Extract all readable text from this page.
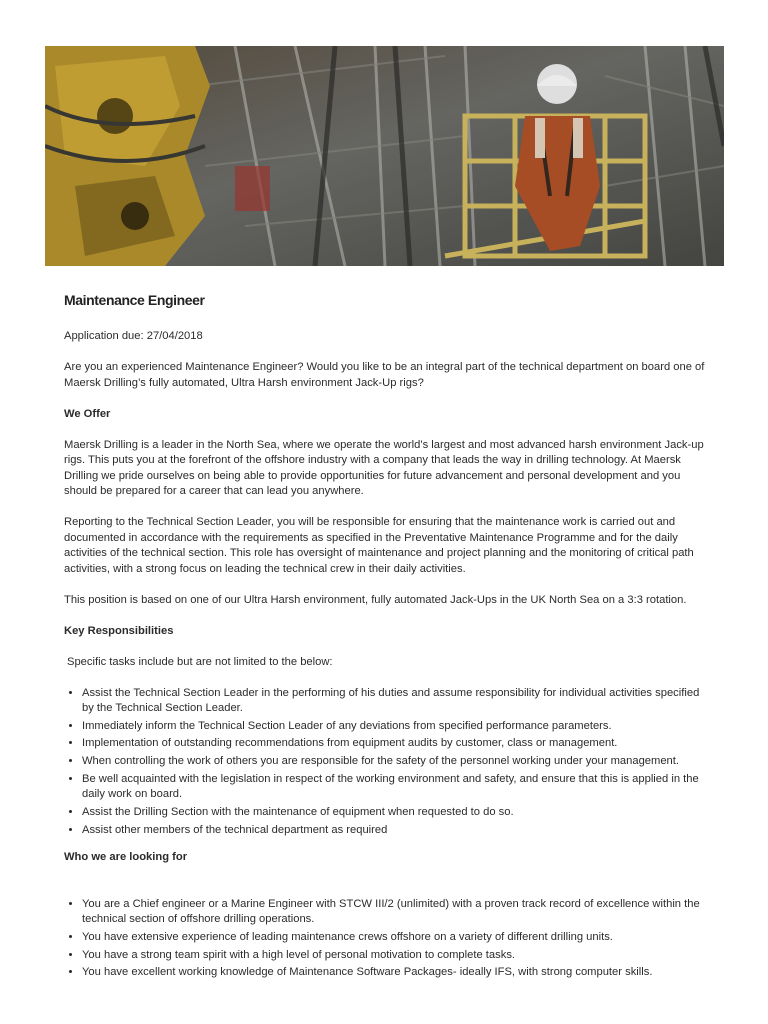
Maintenance Engineer

Application due: 27/04/2018

Are you an experienced Maintenance Engineer? Would you like to be an integral part of the technical department on board one of Maersk Drilling’s fully automated, Ultra Harsh environment Jack-Up rigs?

We Offer

Maersk Drilling is a leader in the North Sea, where we operate the world’s largest and most advanced harsh environment Jack-up rigs. This puts you at the forefront of the offshore industry with a company that leads the way in drilling technology. At Maersk Drilling we pride ourselves on being able to provide opportunities for future advancement and personal development and you should be prepared for a career that can lead you anywhere.

Reporting to the Technical Section Leader, you will be responsible for ensuring that the maintenance work is carried out and documented in accordance with the requirements as specified in the Preventative Maintenance Programme and for the daily activities of the technical section. This role has oversight of maintenance and project planning and the monitoring of critical path activities, with a strong focus on leading the technical crew in their daily activities.

This position is based on one of our Ultra Harsh environment, fully automated Jack-Ups in the UK North Sea on a 3:3 rotation.

Key Responsibilities

Specific tasks include but are not limited to the below:

• Assist the Technical Section Leader in the performing of his duties and assume responsibility for individual activities specified by the Technical Section Leader.
• Immediately inform the Technical Section Leader of any deviations from specified performance parameters.
• Implementation of outstanding recommendations from equipment audits by customer, class or management.
• When controlling the work of others you are responsible for the safety of the personnel working under your management.
• Be well acquainted with the legislation in respect of the working environment and safety, and ensure that this is applied in the daily work on board.
• Assist the Drilling Section with the maintenance of equipment when requested to do so.
• Assist other members of the technical department as required
Who we are looking for
• You are a Chief engineer or a Marine Engineer with STCW III/2 (unlimited) with a proven track record of excellence within the technical section of offshore drilling operations.
• You have extensive experience of leading maintenance crews offshore on a variety of different drilling units.
• You have a strong team spirit with a high level of personal motivation to complete tasks.
• You have excellent working knowledge of Maintenance Software Packages- ideally IFS, with strong computer skills.
